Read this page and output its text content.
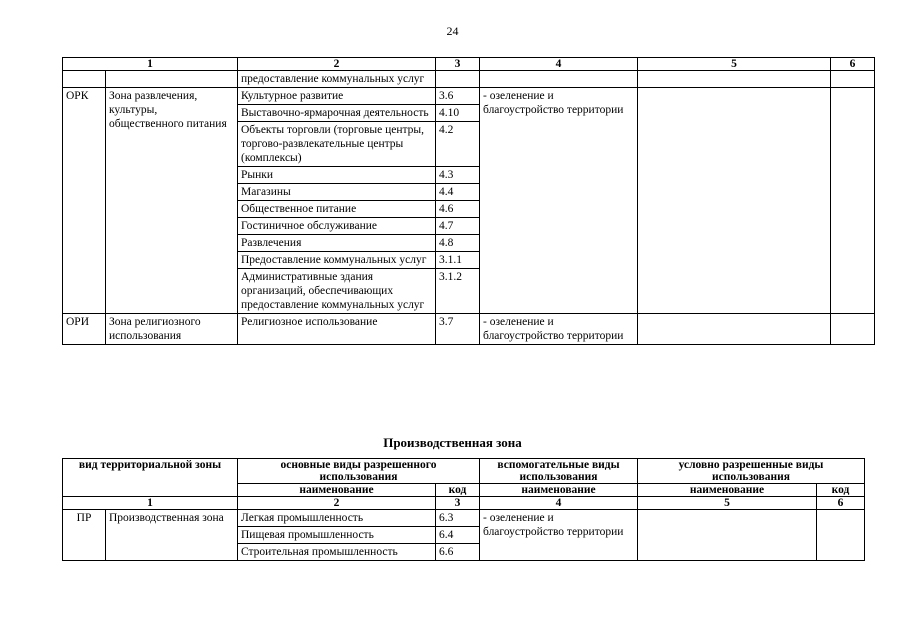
24
1		2	3	4	5	6
		предоставление коммунальных услуг				
ОРК	Зона развлечения, культуры, общественного питания	Культурное развитие	3.6	- озеленение и благоустройство территории		
		Выставочно-ярмарочная деятельность	4.10			
		Объекты торговли (торговые центры, торгово-развлекательные центры (комплексы)	4.2			
		Рынки	4.3			
		Магазины	4.4			
		Общественное питание	4.6			
		Гостиничное обслуживание	4.7			
		Развлечения	4.8			
		Предоставление коммунальных услуг	3.1.1			
		Административные здания организаций, обеспечивающих предоставление коммунальных услуг	3.1.2			
ОРИ	Зона религиозного использования	Религиозное использование	3.7	- озеленение и благоустройство территории		
Производственная зона
вид территориальной зоны		основные виды разрешенного использования		вспомогательные виды использования	условно разрешенные виды использования	
		наименование	код	наименование	наименование	код
1		2	3	4	5	6
ПР	Производственная зона	Легкая промышленность	6.3	- озеленение и благоустройство территории		
		Пищевая промышленность	6.4			
		Строительная промышленность	6.6			
